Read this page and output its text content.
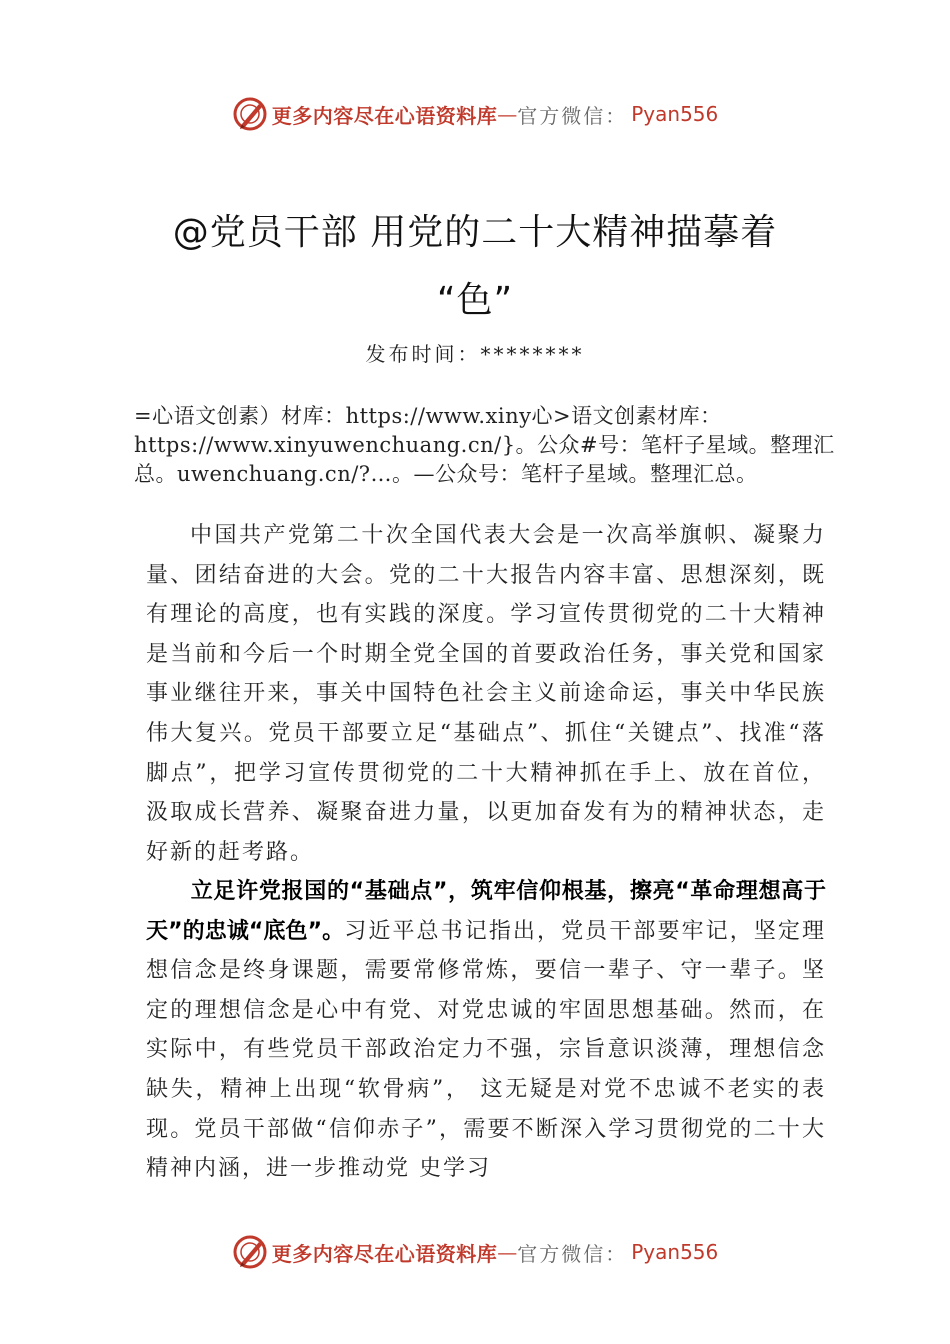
更多内容尽在心语资料库 — 官方微信： Pyan556
@党员干部 用党的二十大精神描摹着
“色”
发布时间：********
=心语文创素）材库：https://www.xiny心>语文创素材库：https://www.xinyuwenchuang.cn/}。公众#号：笔杆子星域。整理汇总。uwenchuang.cn/?…。—公众号：笔杆子星域。整理汇总。
中国共产党第二十次全国代表大会是一次高举旗帜、凝聚力量、团结奋进的大会。党的二十大报告内容丰富、思想深刻，既有理论的高度，也有实践的深度。学习宣传贯彻党的二十大精神是当前和今后一个时期全党全国的首要政治任务，事关党和国家事业继往开来，事关中国特色社会主义前途命运，事关中华民族伟大复兴。党员干部要立足“基础点”、抓住“关键点”、找准“落脚点”，把学习宣传贯彻党的二十大精神抓在手上、放在首位，汲取成长营养、凝聚奋进力量，以更加奋发有为的精神状态，走好新的赶考路。
立足许党报国的“基础点”，筑牢信仰根基，擦亮“革命理想高于天”的忠诚“底色”。习近平总书记指出，党员干部要牢记，坚定理想信念是终身课题，需要常修常炼，要信一辈子、守一辈子。坚定的理想信念是心中有党、对党忠诚的牢固思想基础。然而，在实际中，有些党员干部政治定力不强，宗旨意识淡薄，理想信念缺失，精神上出现“软骨病”， 这无疑是对党不忠诚不老实的表现。党员干部做“信仰赤子”，需要不断深入学习贯彻党的二十大精神内涵，进一步推动党 史学习
更多内容尽在心语资料库 — 官方微信： Pyan556
